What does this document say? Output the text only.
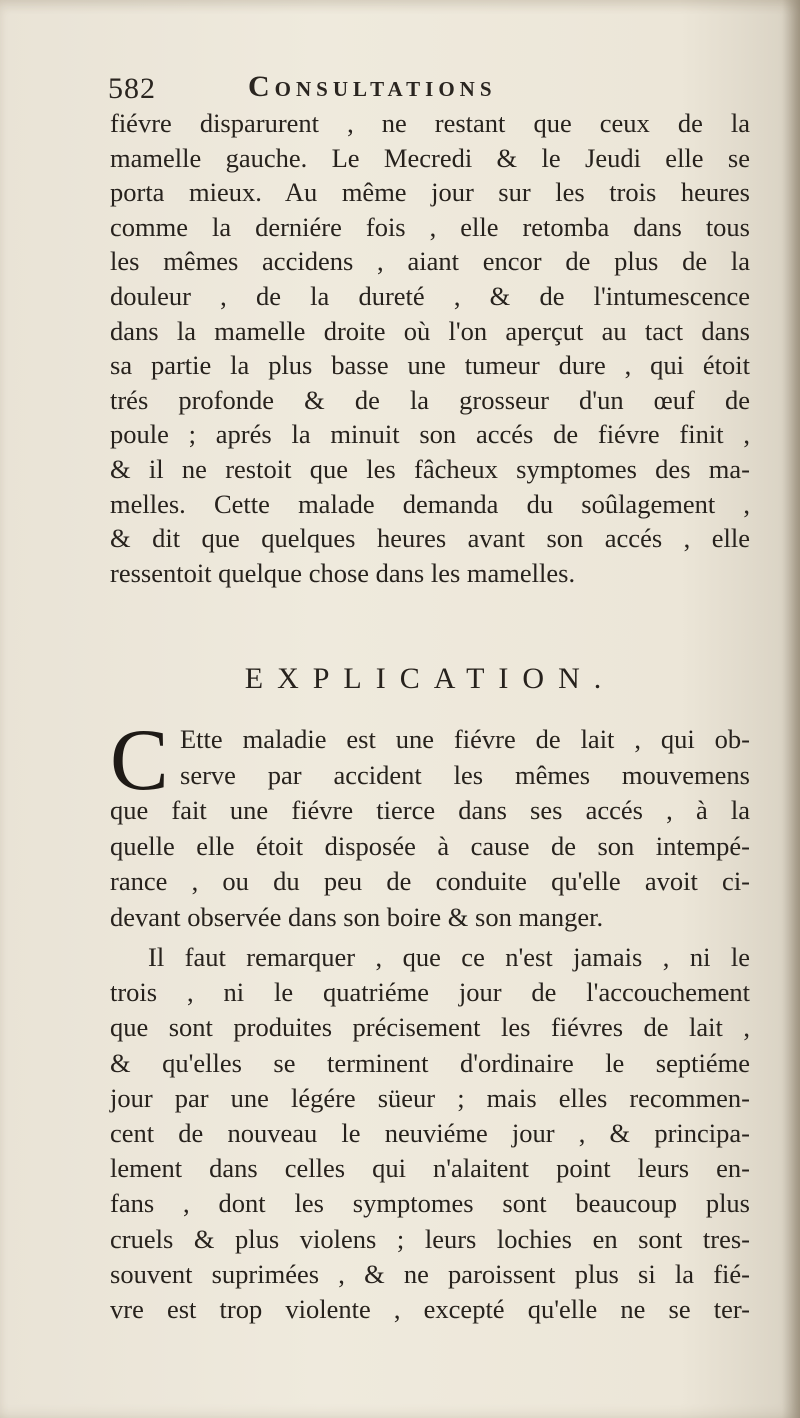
582	Consultations
fiévre disparurent , ne restant que ceux de la
mamelle gauche. Le Mecredi & le Jeudi elle se
porta mieux. Au même jour sur les trois heures
comme la derniére fois , elle retomba dans tous
les mêmes accidens , aiant encor de plus de la
douleur , de la dureté , & de l'intumescence
dans la mamelle droite où l'on aperçut au tact dans
sa partie la plus basse une tumeur dure , qui étoit
trés profonde & de la grosseur d'un œuf de
poule ; aprés la minuit son accés de fiévre finit ,
& il ne restoit que les fâcheux symptomes des ma-
melles. Cette malade demanda du soûlagement ,
& dit que quelques heures avant son accés , elle
ressentoit quelque chose dans les mamelles.
EXPLICATION.
C Ette maladie est une fiévre de lait , qui ob-
serve par accident les mêmes mouvemens
que fait une fiévre tierce dans ses accés , à la
quelle elle étoit disposée à cause de son intempé-
rance , ou du peu de conduite qu'elle avoit ci-
devant observée dans son boire & son manger.
Il faut remarquer , que ce n'est jamais , ni le
trois , ni le quatriéme jour de l'accouchement
que sont produites précisement les fiévres de lait ,
& qu'elles se terminent d'ordinaire le septiéme
jour par une légére süeur ; mais elles recommen-
cent de nouveau le neuviéme jour , & principa-
lement dans celles qui n'alaitent point leurs en-
fans , dont les symptomes sont beaucoup plus
cruels & plus violens ; leurs lochies en sont tres-
souvent suprimées , & ne paroissent plus si la fié-
vre est trop violente , excepté qu'elle ne se ter-
